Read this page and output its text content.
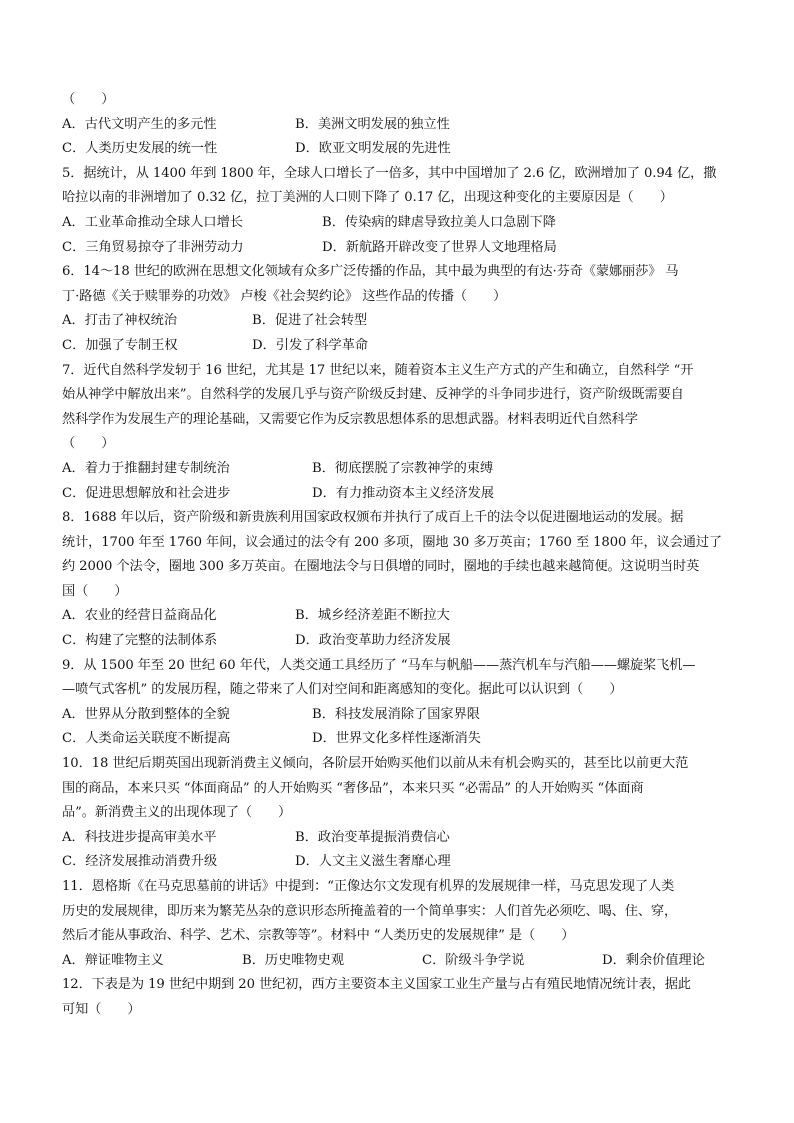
（　　）
A．古代文明产生的多元性	B．美洲文明发展的独立性
C．人类历史发展的统一性	D．欧亚文明发展的先进性
5．据统计，从 1400 年到 1800 年，全球人口增长了一倍多，其中中国增加了 2.6 亿，欧洲增加了 0.94 亿，撒
哈拉以南的非洲增加了 0.32 亿，拉丁美洲的人口则下降了 0.17 亿，出现这种变化的主要原因是（　　）
A．工业革命推动全球人口增长	B．传染病的肆虐导致拉美人口急剧下降
C．三角贸易掠夺了非洲劳动力	D．新航路开辟改变了世界人文地理格局
6．14～18 世纪的欧洲在思想文化领域有众多广泛传播的作品，其中最为典型的有达·芬奇《蒙娜丽莎》 马
丁·路德《关于赎罪券的功效》 卢梭《社会契约论》 这些作品的传播（　　）
A．打击了神权统治	B．促进了社会转型
C．加强了专制王权	D．引发了科学革命
7．近代自然科学发轫于 16 世纪，尤其是 17 世纪以来，随着资本主义生产方式的产生和确立，自然科学 “开
始从神学中解放出来”。自然科学的发展几乎与资产阶级反封建、反神学的斗争同步进行，资产阶级既需要自
然科学作为发展生产的理论基础，又需要它作为反宗教思想体系的思想武器。材料表明近代自然科学
（　　）
A．着力于推翻封建专制统治	B．彻底摆脱了宗教神学的束缚
C．促进思想解放和社会进步	D．有力推动资本主义经济发展
8．1688 年以后，资产阶级和新贵族利用国家政权颁布并执行了成百上千的法令以促进圈地运动的发展。据
统计，1700 年至 1760 年间，议会通过的法令有 200 多项，圈地 30 多万英亩；1760 至 1800 年，议会通过了
约 2000 个法令，圈地 300 多万英亩。在圈地法令与日俱增的同时，圈地的手续也越来越简便。这说明当时英
国（　　）
A．农业的经营日益商品化	B．城乡经济差距不断拉大
C．构建了完整的法制体系	D．政治变革助力经济发展
9．从 1500 年至 20 世纪 60 年代，人类交通工具经历了 “马车与帆船——蒸汽机车与汽船——螺旋桨飞机—
—喷气式客机” 的发展历程，随之带来了人们对空间和距离感知的变化。据此可以认识到（　　）
A．世界从分散到整体的全貌	B．科技发展消除了国家界限
C．人类命运关联度不断提高	D．世界文化多样性逐渐消失
10．18 世纪后期英国出现新消费主义倾向，各阶层开始购买他们以前从未有机会购买的，甚至比以前更大范
围的商品，本来只买 “体面商品” 的人开始购买 “奢侈品”，本来只买 “必需品” 的人开始购买 “体面商
品”。新消费主义的出现体现了（　　）
A．科技进步提高审美水平	B．政治变革提振消费信心
C．经济发展推动消费升级	D．人文主义滋生奢靡心理
11．恩格斯《在马克思墓前的讲话》中提到：“正像达尔文发现有机界的发展规律一样，马克思发现了人类
历史的发展规律，即历来为繁芜丛杂的意识形态所掩盖着的一个简单事实：人们首先必须吃、喝、住、穿，
然后才能从事政治、科学、艺术、宗教等等”。材料中 “人类历史的发展规律” 是（　　）
A．辩证唯物主义	B．历史唯物史观	C．阶级斗争学说	D．剩余价值理论
12．下表是为 19 世纪中期到 20 世纪初，西方主要资本主义国家工业生产量与占有殖民地情况统计表，据此
可知（　　）
